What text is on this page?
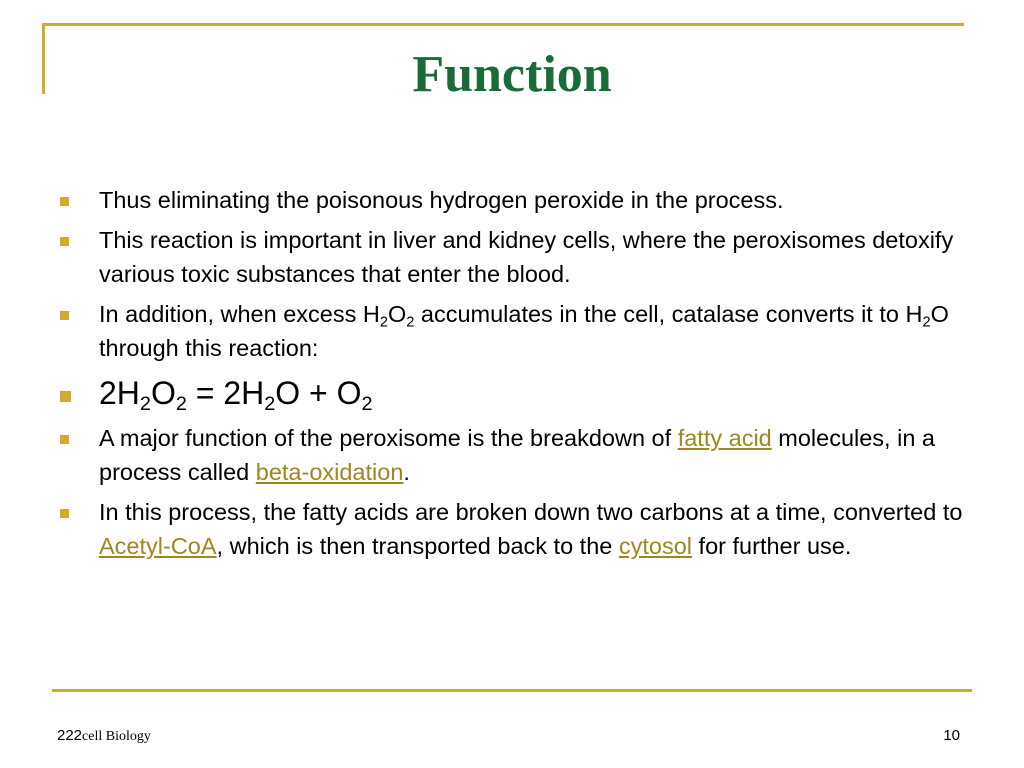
Function
Thus eliminating the poisonous hydrogen peroxide in the process.
This reaction is important in liver and kidney cells, where the peroxisomes detoxify various toxic substances that enter the blood.
In addition, when excess $H_2O_2$ accumulates in the cell, catalase converts it to $H_2O$ through this reaction:
$2H_2O_2 = 2H_2O + O_2$
A major function of the peroxisome is the breakdown of fatty acid molecules, in a process called beta-oxidation.
In this process, the fatty acids are broken down two carbons at a time, converted to Acetyl-CoA, which is then transported back to the cytosol for further use.
222cell Biology	10
